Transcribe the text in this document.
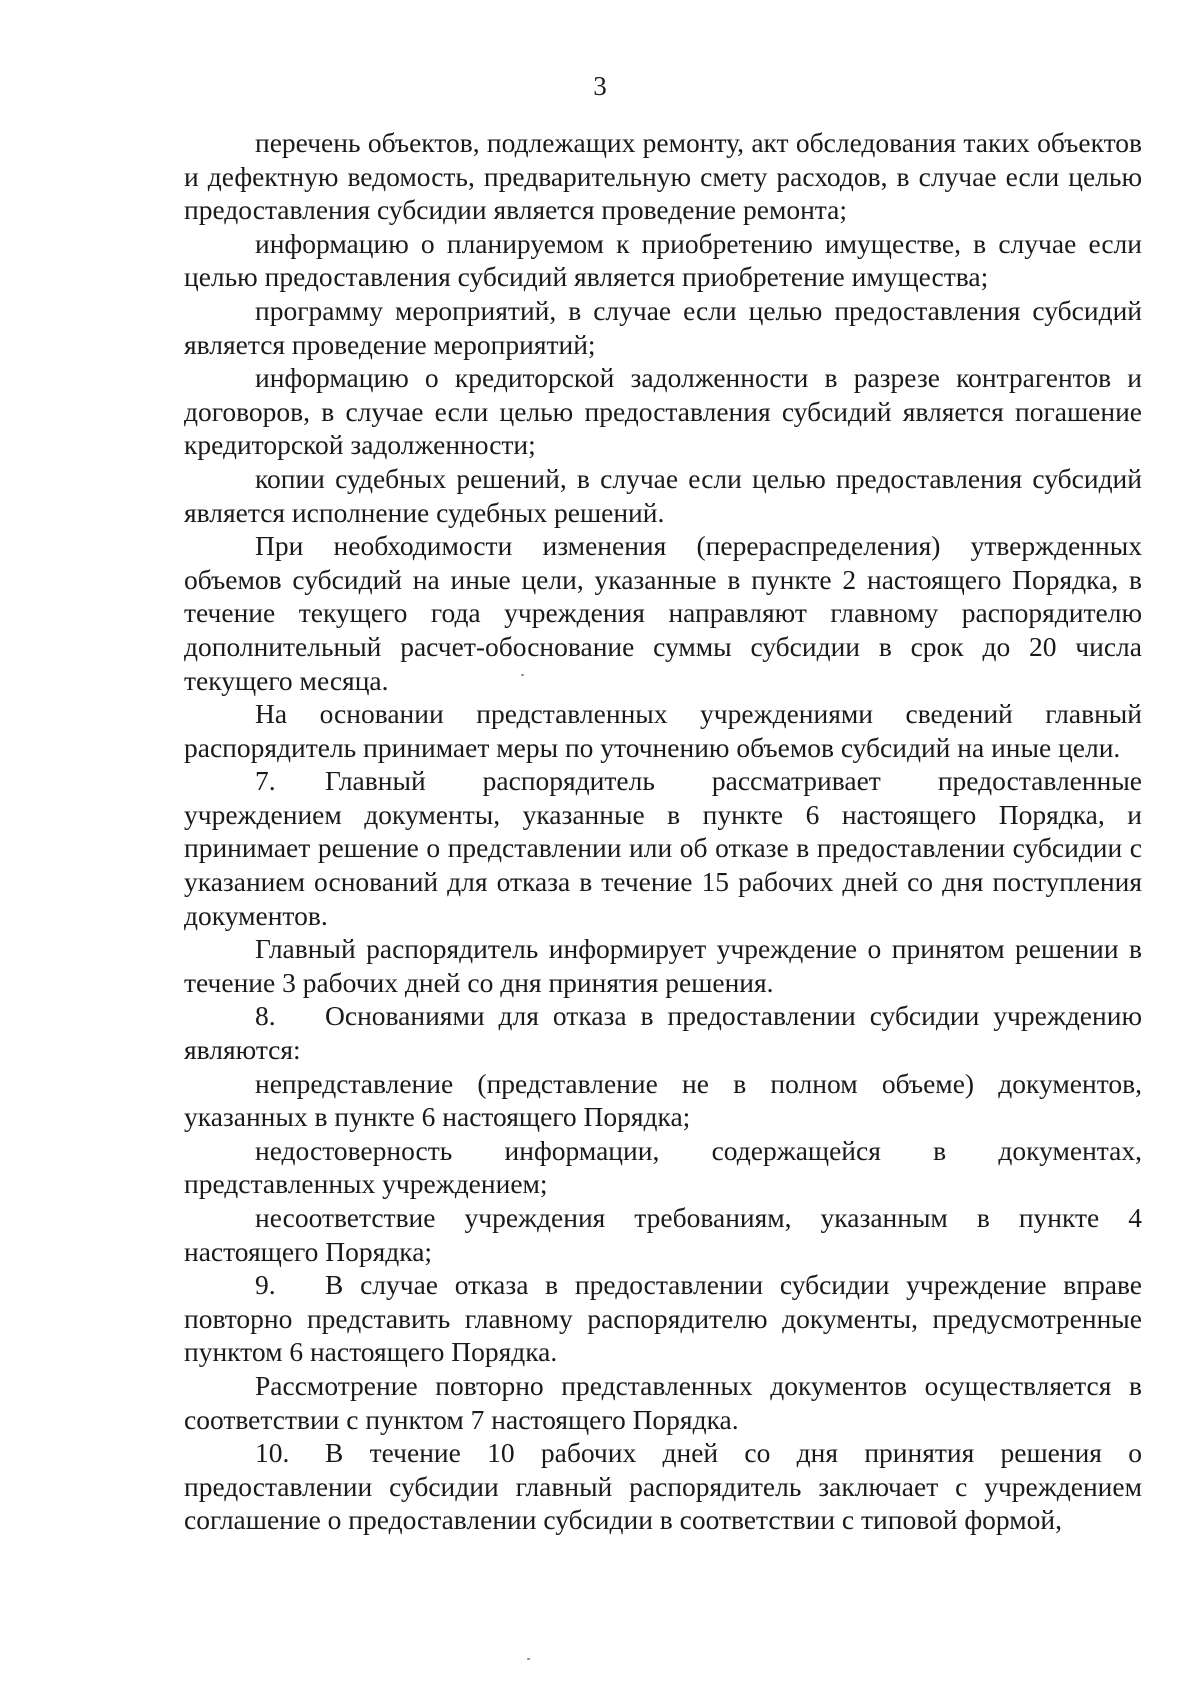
3

перечень объектов, подлежащих ремонту, акт обследования таких объектов и дефектную ведомость, предварительную смету расходов, в случае если целью предоставления субсидии является проведение ремонта;

информацию о планируемом к приобретению имуществе, в случае если целью предоставления субсидий является приобретение имущества;

программу мероприятий, в случае если целью предоставления субсидий является проведение мероприятий;

информацию о кредиторской задолженности в разрезе контрагентов и договоров, в случае если целью предоставления субсидий является погашение кредиторской задолженности;

копии судебных решений, в случае если целью предоставления субсидий является исполнение судебных решений.

При необходимости изменения (перераспределения) утвержденных объемов субсидий на иные цели, указанные в пункте 2 настоящего Порядка, в течение текущего года учреждения направляют главному распорядителю дополнительный расчет-обоснование суммы субсидии в срок до 20 числа текущего месяца.

На основании представленных учреждениями сведений главный распорядитель принимает меры по уточнению объемов субсидий на иные цели.

7. Главный распорядитель рассматривает предоставленные учреждением документы, указанные в пункте 6 настоящего Порядка, и принимает решение о представлении или об отказе в предоставлении субсидии с указанием оснований для отказа в течение 15 рабочих дней со дня поступления документов.

Главный распорядитель информирует учреждение о принятом решении в течение 3 рабочих дней со дня принятия решения.

8. Основаниями для отказа в предоставлении субсидии учреждению являются:

непредставление (представление не в полном объеме) документов, указанных в пункте 6 настоящего Порядка;

недостоверность информации, содержащейся в документах, представленных учреждением;

несоответствие учреждения требованиям, указанным в пункте 4 настоящего Порядка;

9. В случае отказа в предоставлении субсидии учреждение вправе повторно представить главному распорядителю документы, предусмотренные пунктом 6 настоящего Порядка.

Рассмотрение повторно представленных документов осуществляется в соответствии с пунктом 7 настоящего Порядка.

10. В течение 10 рабочих дней со дня принятия решения о предоставлении субсидии главный распорядитель заключает с учреждением соглашение о предоставлении субсидии в соответствии с типовой формой,
